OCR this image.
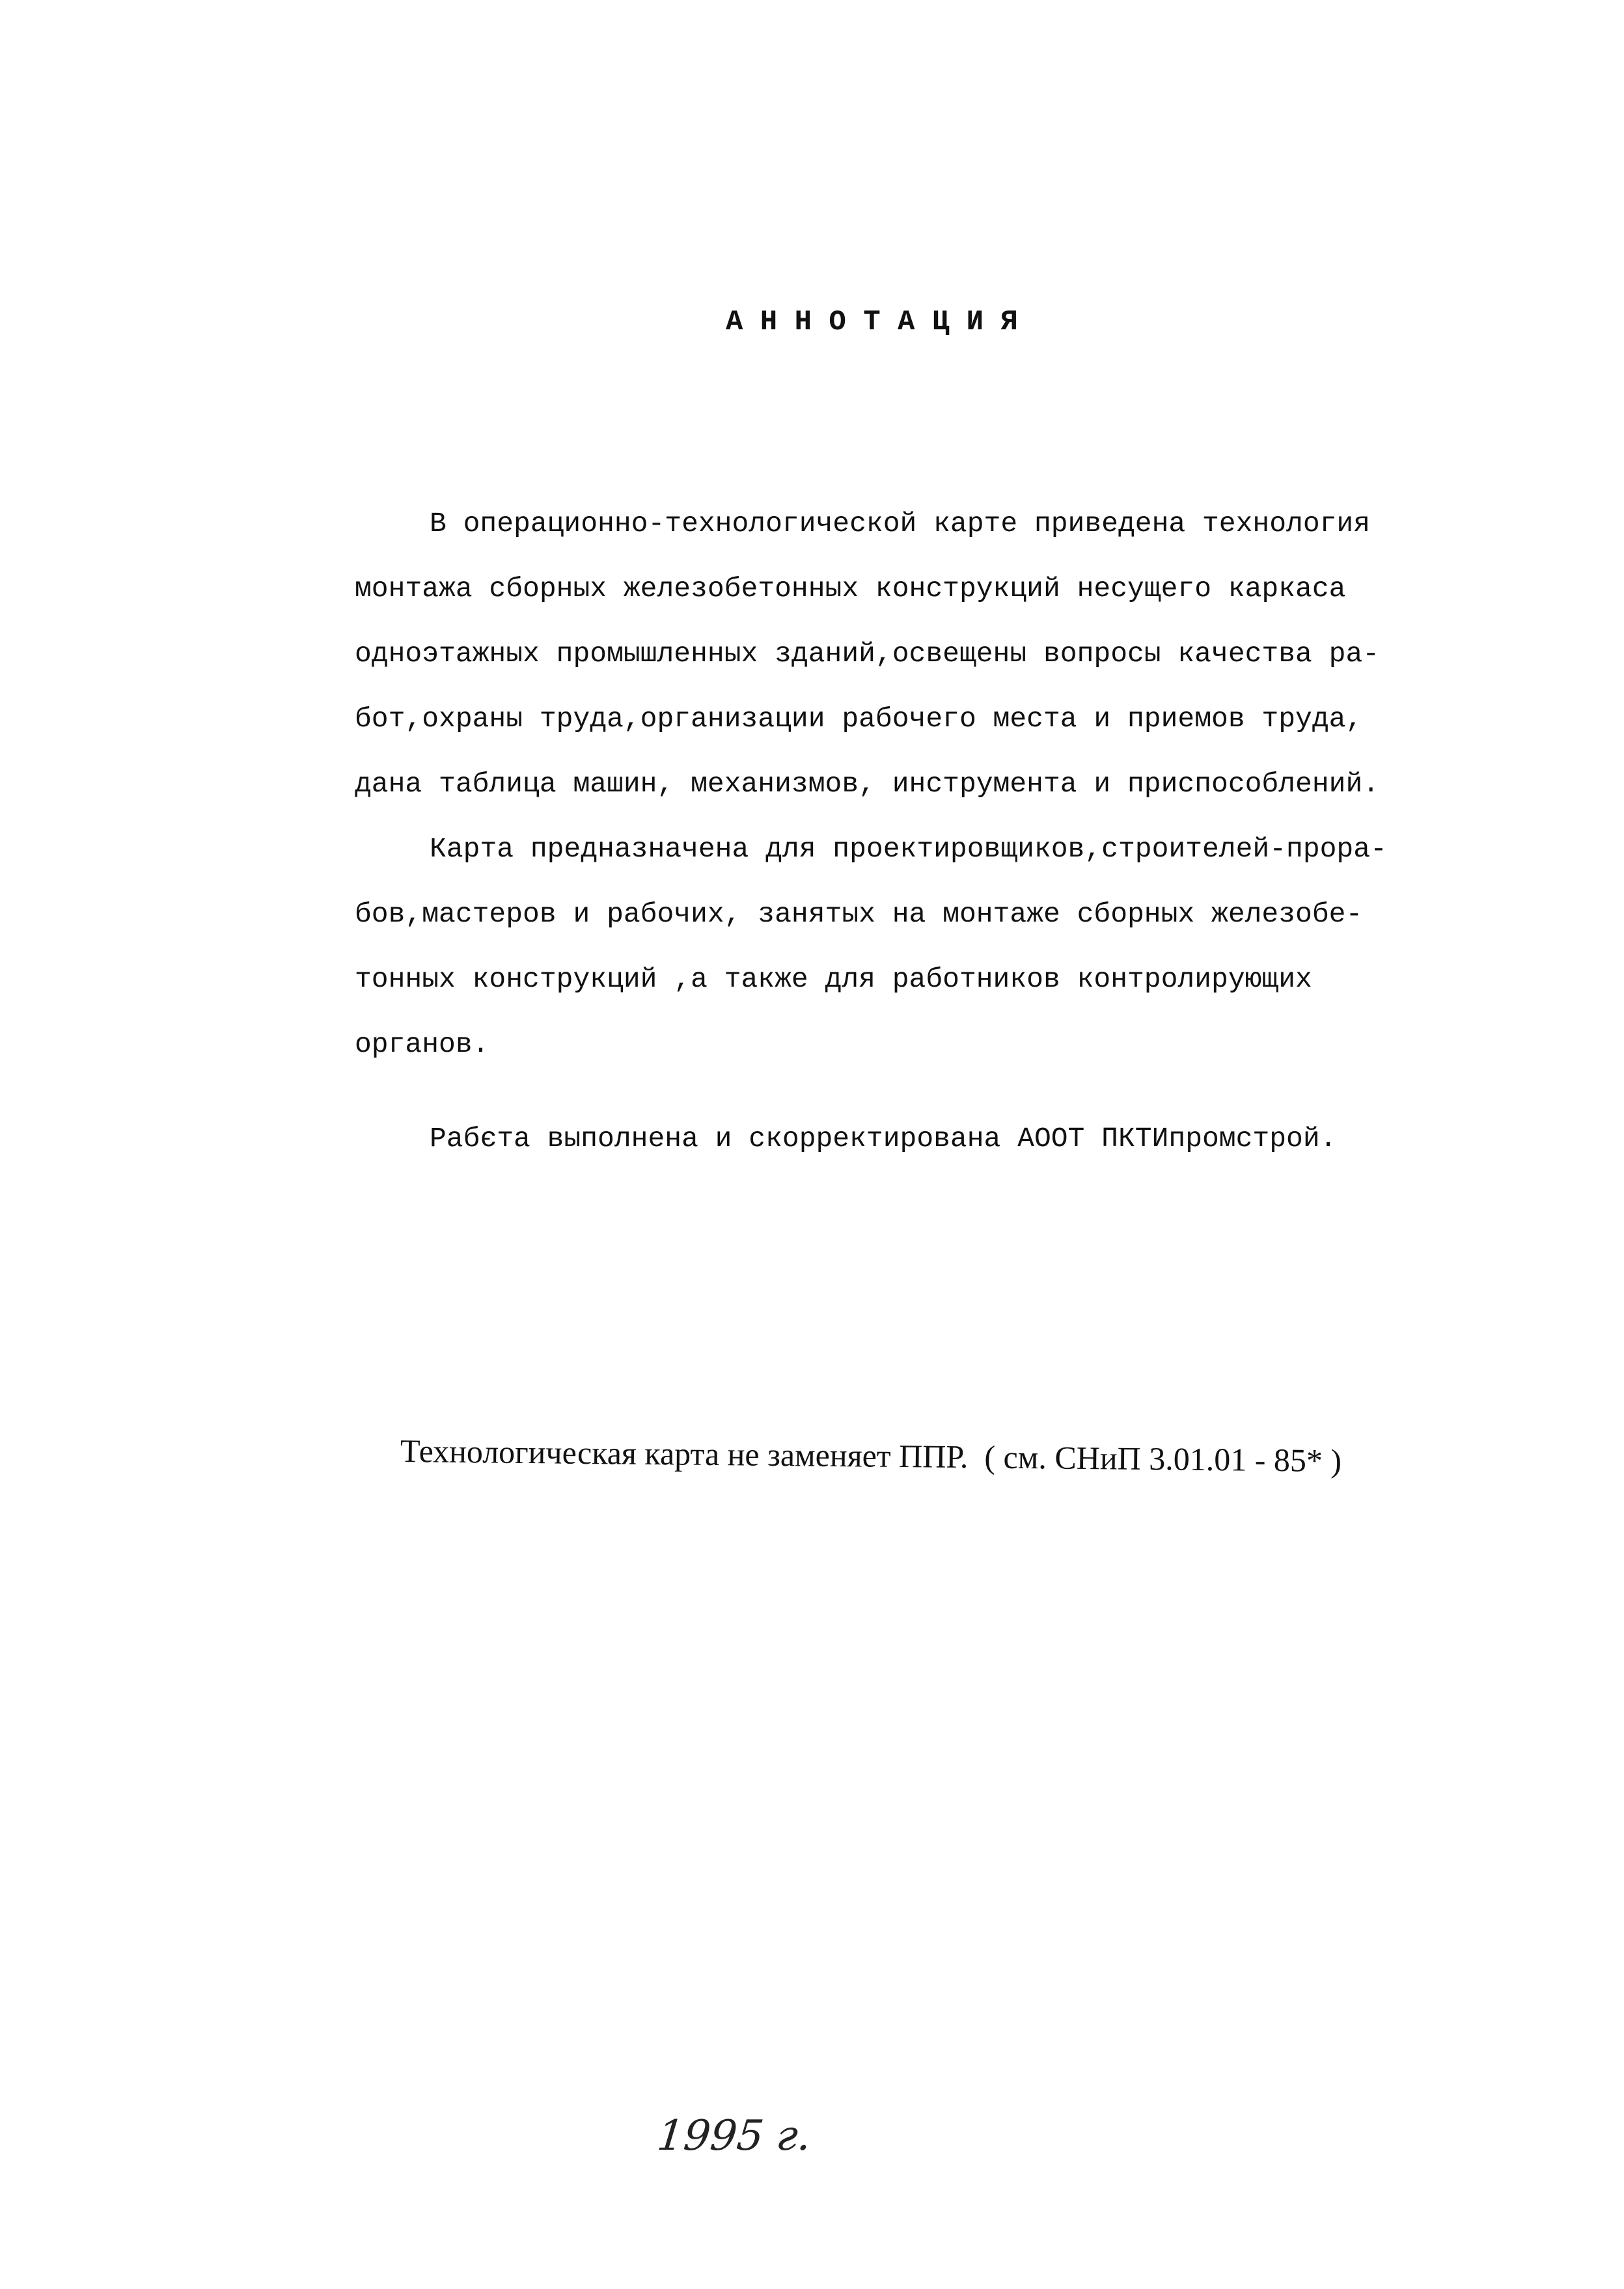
А Н Н О Т А Ц И Я
В операционно-технологической карте приведена технология
монтажа сборных железобетонных конструкций несущего каркаса
одноэтажных промышленных зданий,освещены вопросы качества ра-
бот,охраны труда,организации рабочего места и приемов труда,
дана таблица машин, механизмов, инструмента и приспособлений.
Карта предназначена для проектировщиков,строителей-прора-
бов,мастеров и рабочих, занятых на монтаже сборных железобе-
тонных конструкций ,а также для работников контролирующих
органов.
Рабєта выполнена и скорректирована АООТ ПКТИпромстрой.
Технологическая карта не заменяет ППР.  ( см. СНиП 3.01.01 - 85* )
1995 г.
